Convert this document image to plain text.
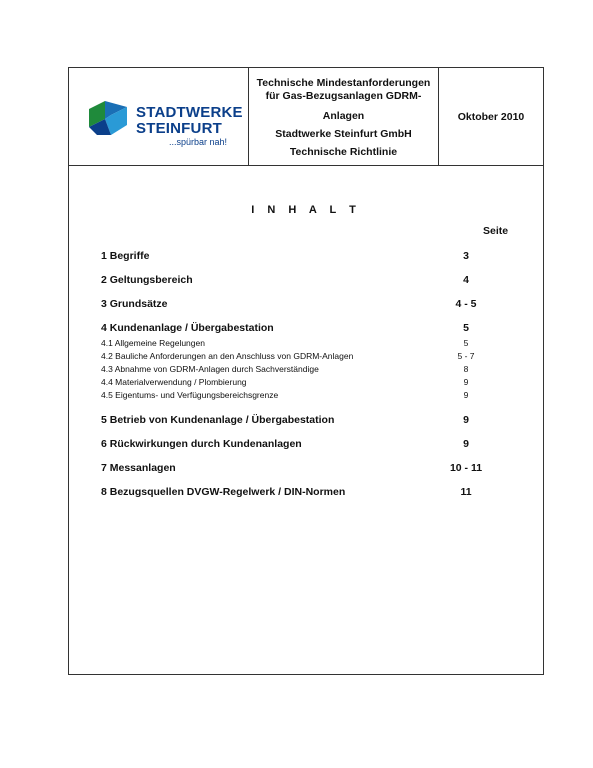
STADTWERKE
STEINFURT
...spürbar nah!
Technische Mindestanforderungen für Gas-Bezugsanlagen GDRM-
Anlagen
Stadtwerke Steinfurt GmbH
Technische Richtlinie
Oktober 2010
I N H A L T
Seite
1 Begriffe	3
2 Geltungsbereich	4
3 Grundsätze	4 - 5
4 Kundenanlage / Übergabestation	5
4.1 Allgemeine Regelungen	5
4.2 Bauliche Anforderungen an den Anschluss von GDRM-Anlagen	5 - 7
4.3 Abnahme von GDRM-Anlagen durch Sachverständige	8
4.4 Materialverwendung / Plombierung	9
4.5 Eigentums- und Verfügungsbereichsgrenze	9
5 Betrieb von Kundenanlage / Übergabestation	9
6 Rückwirkungen durch Kundenanlagen	9
7 Messanlagen	10 - 11
8 Bezugsquellen DVGW-Regelwerk / DIN-Normen	11
